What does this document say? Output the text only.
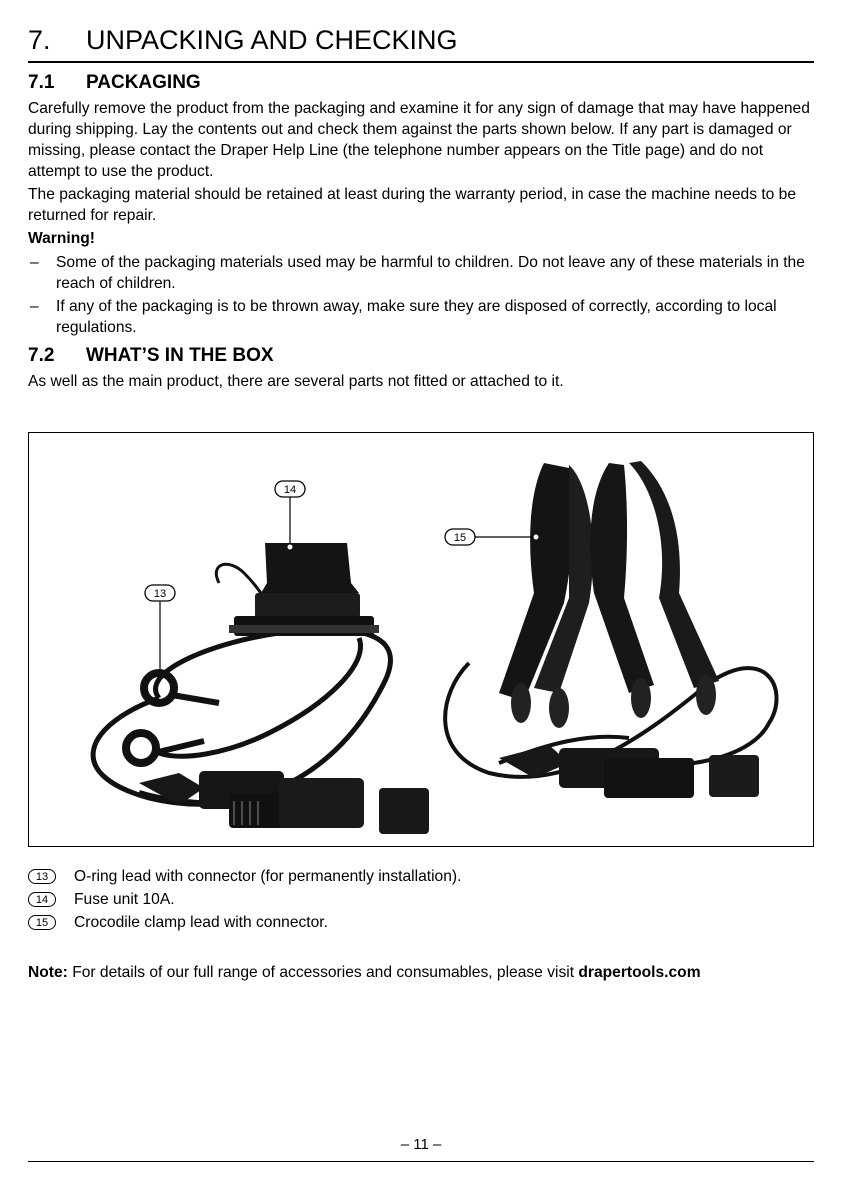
7. UNPACKING AND CHECKING
7.1 PACKAGING

Carefully remove the product from the packaging and examine it for any sign of damage that may have happened during shipping. Lay the contents out and check them against the parts shown below. If any part is damaged or missing, please contact the Draper Help Line (the telephone number appears on the Title page) and do not attempt to use the product.

The packaging material should be retained at least during the warranty period, in case the machine needs to be returned for repair.

Warning!

– Some of the packaging materials used may be harmful to children. Do not leave any of these materials in the reach of children.
– If any of the packaging is to be thrown away, make sure they are disposed of correctly, according to local regulations.
7.2 WHAT’S IN THE BOX

As well as the main product, there are several parts not fitted or attached to it.

14
13
15
13	O-ring lead with connector (for permanently installation).
14	Fuse unit 10A.
15	Crocodile clamp lead with connector.
Note: For details of our full range of accessories and consumables, please visit drapertools.com
– 11 –
